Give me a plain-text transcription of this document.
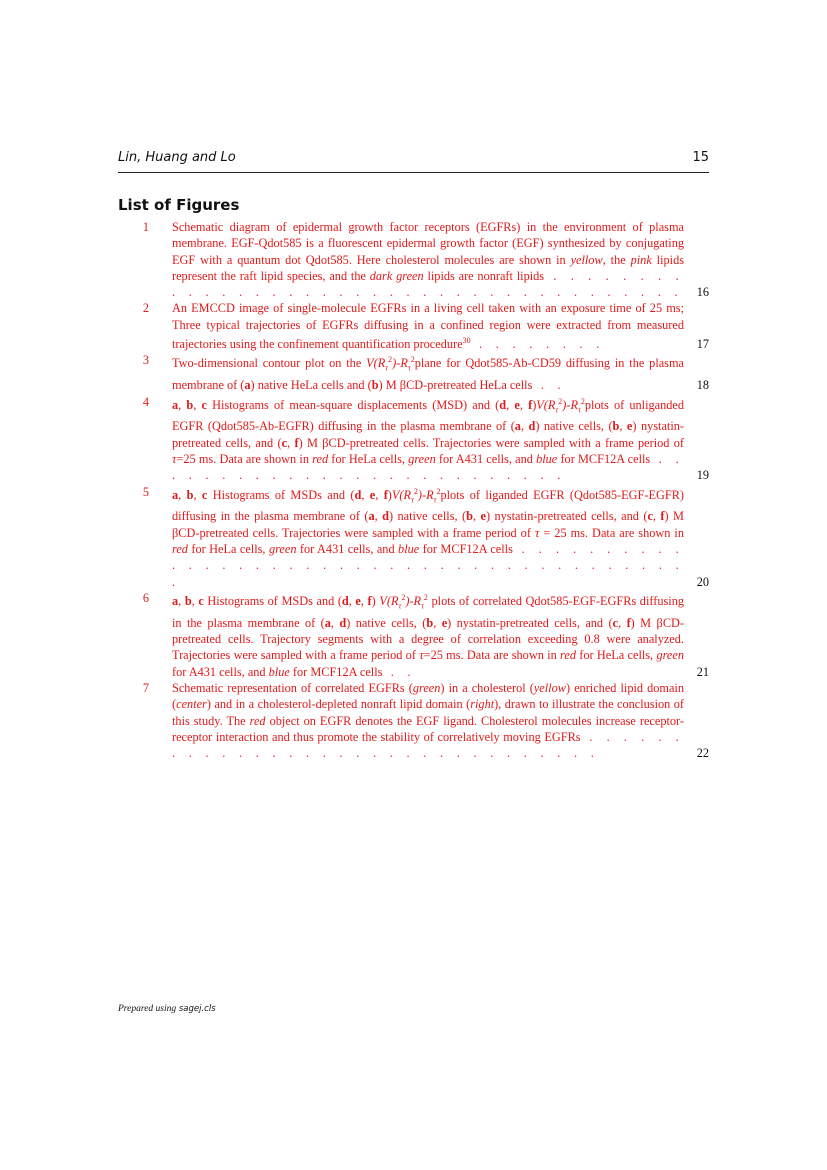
Lin, Huang and Lo	15
List of Figures
1 Schematic diagram of epidermal growth factor receptors (EGFRs) in the environment of plasma membrane. EGF-Qdot585 is a fluorescent epidermal growth factor (EGF) synthesized by conjugating EGF with a quantum dot Qdot585. Here cholesterol molecules are shown in yellow, the pink lipids represent the raft lipid species, and the dark green lipids are nonraft lipids . . . . . . . . . . . . . . . . . . . . . . . . . . . . . . . . . . . . . . . 16
2 An EMCCD image of single-molecule EGFRs in a living cell taken with an exposure time of 25 ms; Three typical trajectories of EGFRs diffusing in a confined region were extracted from measured trajectories using the confinement quantification procedure$^{30}$ . . . . . . . .	17
3 Two-dimensional contour plot on the $V(R_\tau^2)-R_\tau^2plane$ for Qdot585-Ab-CD59 diffusing in the plasma membrane of (a) native HeLa cells and (b) M βCD-pretreated HeLa cells . .	18
4 a, b, c Histograms of mean-square displacements (MSD) and (d, e, $f)V(R_\tau^2)-R_\tau^2plots$ of unliganded EGFR (Qdot585-Ab-EGFR) diffusing in the plasma membrane of (a, d) native cells, (b, e) nystatin-pretreated cells, and (c, f) M βCD-pretreated cells. Trajectories were sampled with a frame period of τ=25 ms. Data are shown in red for HeLa cells, green for A431 cells, and blue for MCF12A cells . . . . . . . . . . . . . . . . . . . . . . . . . .	19
5 a, b, c Histograms of MSDs and (d, e, $f)V(R_\tau^2)-R_\tau^2plots$ of liganded EGFR (Qdot585-EGF-EGFR) diffusing in the plasma membrane of (a, d) native cells, (b, e) nystatin-pretreated cells, and (c, f) M βCD-pretreated cells. Trajectories were sampled with a frame period of τ = 25 ms. Data are shown in red for HeLa cells, green for A431 cells, and blue for MCF12A cells . . . . . . . . . . . . . . . . . . . . . . . . . . . . . . . . . . . . . . . . . .	20
6 a, b, c Histograms of MSDs and (d, e, f) $V(R_\tau^2)-R_\tau^2$ plots of correlated Qdot585-EGF-EGFRs diffusing in the plasma membrane of (a, d) native cells, (b, e) nystatin-pretreated cells, and (c, f) M βCD-pretreated cells. Trajectory segments with a degree of correlation exceeding 0.8 were analyzed. Trajectories were sampled with a frame period of τ=25 ms. Data are shown in red for HeLa cells, green for A431 cells, and blue for MCF12A cells . .	21
7 Schematic representation of correlated EGFRs (green) in a cholesterol (yellow) enriched lipid domain (center) and in a cholesterol-depleted nonraft lipid domain (right), drawn to illustrate the conclusion of this study. The red object on EGFR denotes the EGF ligand. Cholesterol molecules increase receptor-receptor interaction and thus promote the stability of correlatively moving EGFRs . . . . . . . . . . . . . . . . . . . . . . . . . . . . . . . .	22
Prepared using sagej.cls
